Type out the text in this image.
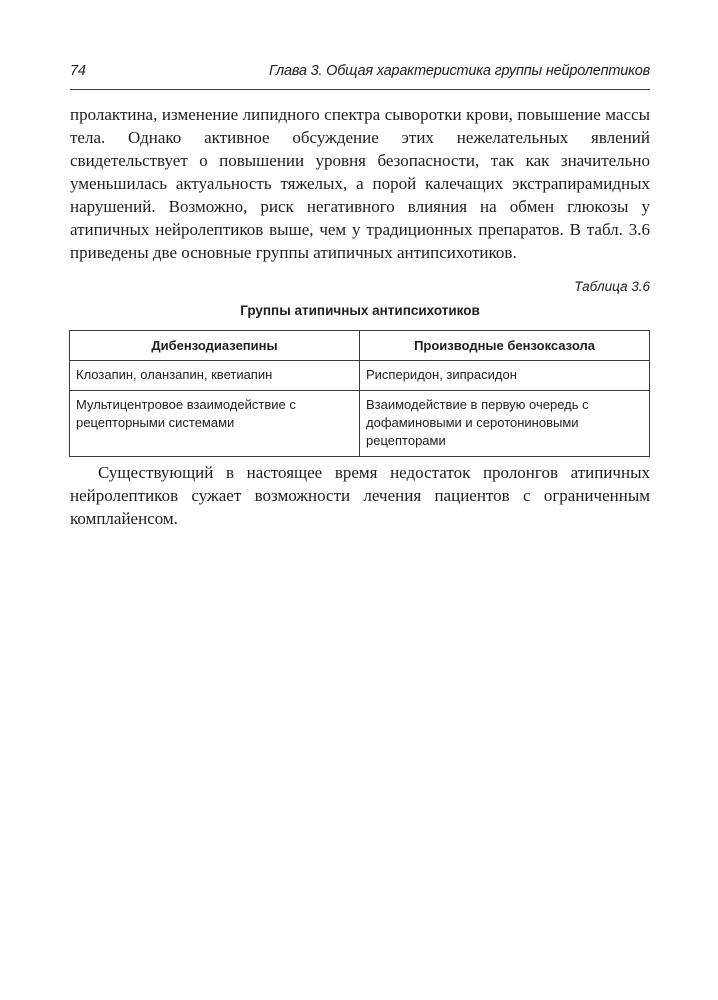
74	Глава 3. Общая характеристика группы нейролептиков

пролактина, изменение липидного спектра сыворотки крови, повышение массы тела. Однако активное обсуждение этих нежелательных явлений свидетельствует о повышении уровня безопасности, так как значительно уменьшилась актуальность тяжелых, а порой калечащих экстрапирамидных нарушений. Возможно, риск негативного влияния на обмен глюкозы у атипичных нейролептиков выше, чем у традиционных препаратов. В табл. 3.6 приведены две основные группы атипичных антипсихотиков.

Таблица 3.6
Группы атипичных антипсихотиков
Дибензодиазепины	Производные бензоксазола
Клозапин, оланзапин, кветиапин	Рисперидон, зипрасидон
Мультицентровое взаимодействие с рецепторными системами	Взаимодействие в первую очередь с дофаминовыми и серотониновыми рецепторами

Существующий в настоящее время недостаток пролонгов атипичных нейролептиков сужает возможности лечения пациентов с ограниченным комплайенсом.
